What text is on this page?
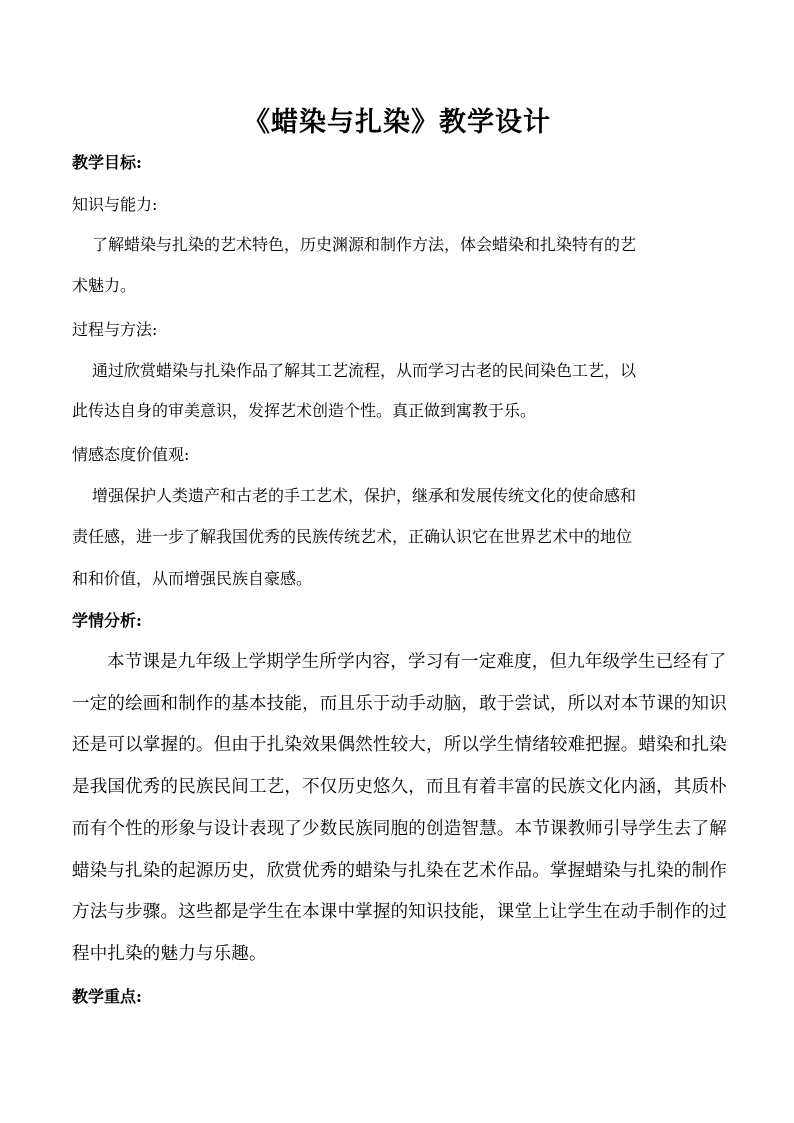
《蜡染与扎染》教学设计
教学目标:
知识与能力:
了解蜡染与扎染的艺术特色，历史渊源和制作方法，体会蜡染和扎染特有的艺
术魅力。
过程与方法:
通过欣赏蜡染与扎染作品了解其工艺流程，从而学习古老的民间染色工艺，以
此传达自身的审美意识，发挥艺术创造个性。真正做到寓教于乐。
情感态度价值观:
增强保护人类遗产和古老的手工艺术，保护，继承和发展传统文化的使命感和
责任感，进一步了解我国优秀的民族传统艺术，正确认识它在世界艺术中的地位
和和价值，从而增强民族自豪感。
学情分析:
本节课是九年级上学期学生所学内容，学习有一定难度，但九年级学生已经有了
一定的绘画和制作的基本技能，而且乐于动手动脑，敢于尝试，所以对本节课的知识
还是可以掌握的。但由于扎染效果偶然性较大，所以学生情绪较难把握。蜡染和扎染
是我国优秀的民族民间工艺，不仅历史悠久，而且有着丰富的民族文化内涵，其质朴
而有个性的形象与设计表现了少数民族同胞的创造智慧。本节课教师引导学生去了解
蜡染与扎染的起源历史，欣赏优秀的蜡染与扎染在艺术作品。掌握蜡染与扎染的制作
方法与步骤。这些都是学生在本课中掌握的知识技能，课堂上让学生在动手制作的过
程中扎染的魅力与乐趣。
教学重点:
